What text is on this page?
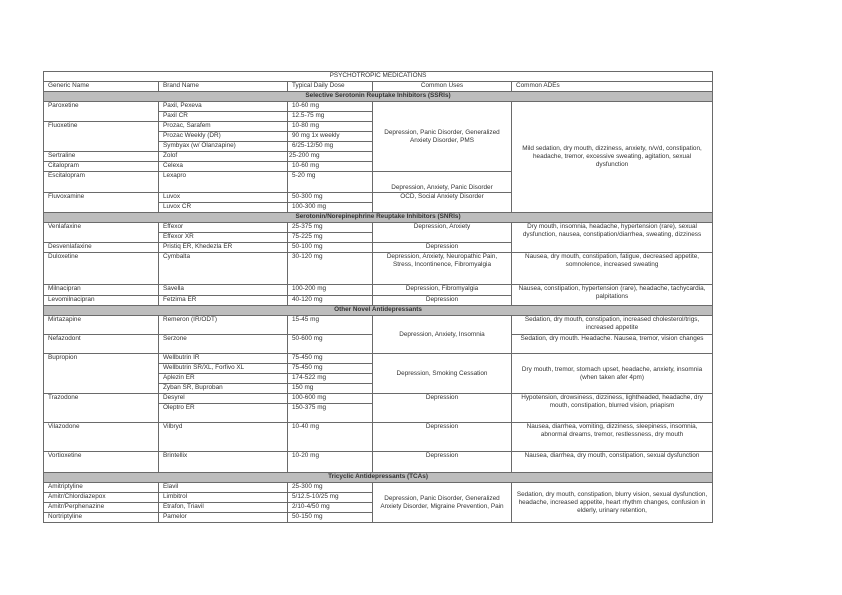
PSYCHOTROPIC MEDICATIONS				
Generic Name	Brand Name	Typical Daily Dose	Common Uses	Common ADEs
Selective Serotonin Reuptake Inhibitors (SSRIs)				
Paroxetine	Paxil, Pexeva	10-60 mg	Depression, Panic Disorder, Generalized Anxiety Disorder, PMS	Mild sedation, dry mouth, dizziness, anxiety, n/v/d, constipation, headache, tremor, excessive sweating, agitation, sexual dysfunction
	Paxil CR	12.5-75 mg		
Fluoxetine	Prozac, Sarafem	10-80 mg		
	Prozac Weekly (DR)	90 mg 1x weekly		
	Symbyax (w/ Olanzapine)	6/25-12/50 mg		
Sertraline	Zolof	25-200 mg		
Citalopram	Celexa	10-60 mg		
Escitalopram	Lexapro	5-20 mg	Depression, Anxiety, Panic Disorder	
Fluvoxamine	Luvox	50-300 mg	OCD, Social Anxiety Disorder	
	Luvox CR	100-300 mg		
Serotonin/Norepinephrine Reuptake Inhibitors (SNRIs)				
Venlafaxine	Effexor	25-375 mg	Depression, Anxiety	Dry mouth, insomnia, headache, hypertension (rare), sexual dysfunction, nausea, constipation/diarrhea, sweating, dizziness
	Effexor XR	75-225 mg		
Desvenlafaxine	Pristiq ER, Khedezla ER	50-100 mg	Depression	
Duloxetine	Cymbalta	30-120 mg	Depression, Anxiety, Neuropathic Pain, Stress, Incontinence, Fibromyalgia	Nausea, dry mouth, constipation, fatigue, decreased appetite, somnolence, increased sweating
Milnacipran	Savella	100-200 mg	Depression, Fibromyalgia	Nausea, constipation, hypertension (rare), headache, tachycardia, palpitations
Levomilnacipran	Fetzima ER	40-120 mg	Depression	
Other Novel Antidepressants				
Mirtazapine	Remeron (IR/ODT)	15-45 mg	Depression, Anxiety, Insomnia	Sedation, dry mouth, constipation, increased cholesterol/trigs, increased appetite
Nefazodont	Serzone	50-600 mg		Sedation, dry mouth. Headache. Nausea, tremor, vision changes
Bupropion	Wellbutrin IR	75-450 mg	Depression, Smoking Cessation	Dry mouth, tremor, stomach upset, headache, anxiety, insomnia (when taken afer 4pm)
	Wellbutrin SR/XL, Forfivo XL	75-450 mg		
	Aplezin ER	174-522 mg		
	Zyban SR, Buproban	150 mg		
Trazodone	Desyrel	100-600 mg	Depression	Hypotension, drowsiness, dizziness, lightheaded, headache, dry mouth, constipation, blurred vision, priapism
	Oleptro ER	150-375 mg		
Vilazodone	Vilbryd	10-40 mg	Depression	Nausea, diarrhea, vomiting, dizziness, sleepiness, insomnia, abnormal dreams, tremor, restlessness, dry mouth
Vortioxetine	Brintellix	10-20 mg	Depression	Nausea, diarrhea, dry mouth, constipation, sexual dysfunction
Tricyclic Antidepressants (TCAs)				
Amitriptyline	Elavil	25-300 mg	Depression, Panic Disorder, Generalized Anxiety Disorder, Migraine Prevention, Pain	Sedation, dry mouth, constipation, blurry vision, sexual dysfunction, headache, increased appetite, heart rhythm changes, confusion in elderly, urinary retention,
Amitr/Chlordiazepox	Limbitrol	5/12.5-10/25 mg		
Amitr/Perphenazine	Etrafon, Triavil	2/10-4/50 mg		
Nortriptyline	Pamelor	50-150 mg		
